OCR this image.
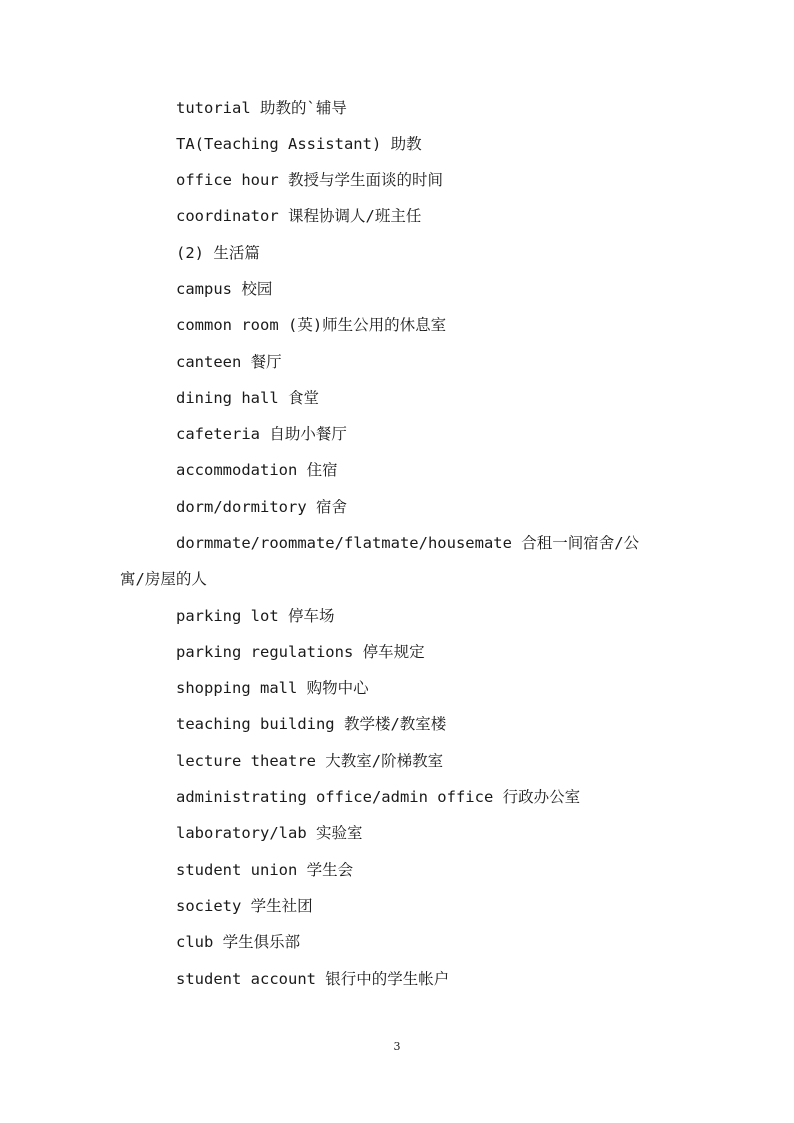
tutorial 助教的`辅导
TA(Teaching Assistant) 助教
office hour 教授与学生面谈的时间
coordinator 课程协调人/班主任
(2) 生活篇
campus 校园
common room (英)师生公用的休息室
canteen 餐厅
dining hall 食堂
cafeteria 自助小餐厅
accommodation 住宿
dorm/dormitory 宿舍
dormmate/roommate/flatmate/housemate 合租一间宿舍/公
寓/房屋的人
parking lot 停车场
parking regulations 停车规定
shopping mall 购物中心
teaching building 教学楼/教室楼
lecture theatre 大教室/阶梯教室
administrating office/admin office 行政办公室
laboratory/lab 实验室
student union 学生会
society 学生社团
club 学生俱乐部
student account 银行中的学生帐户
3
